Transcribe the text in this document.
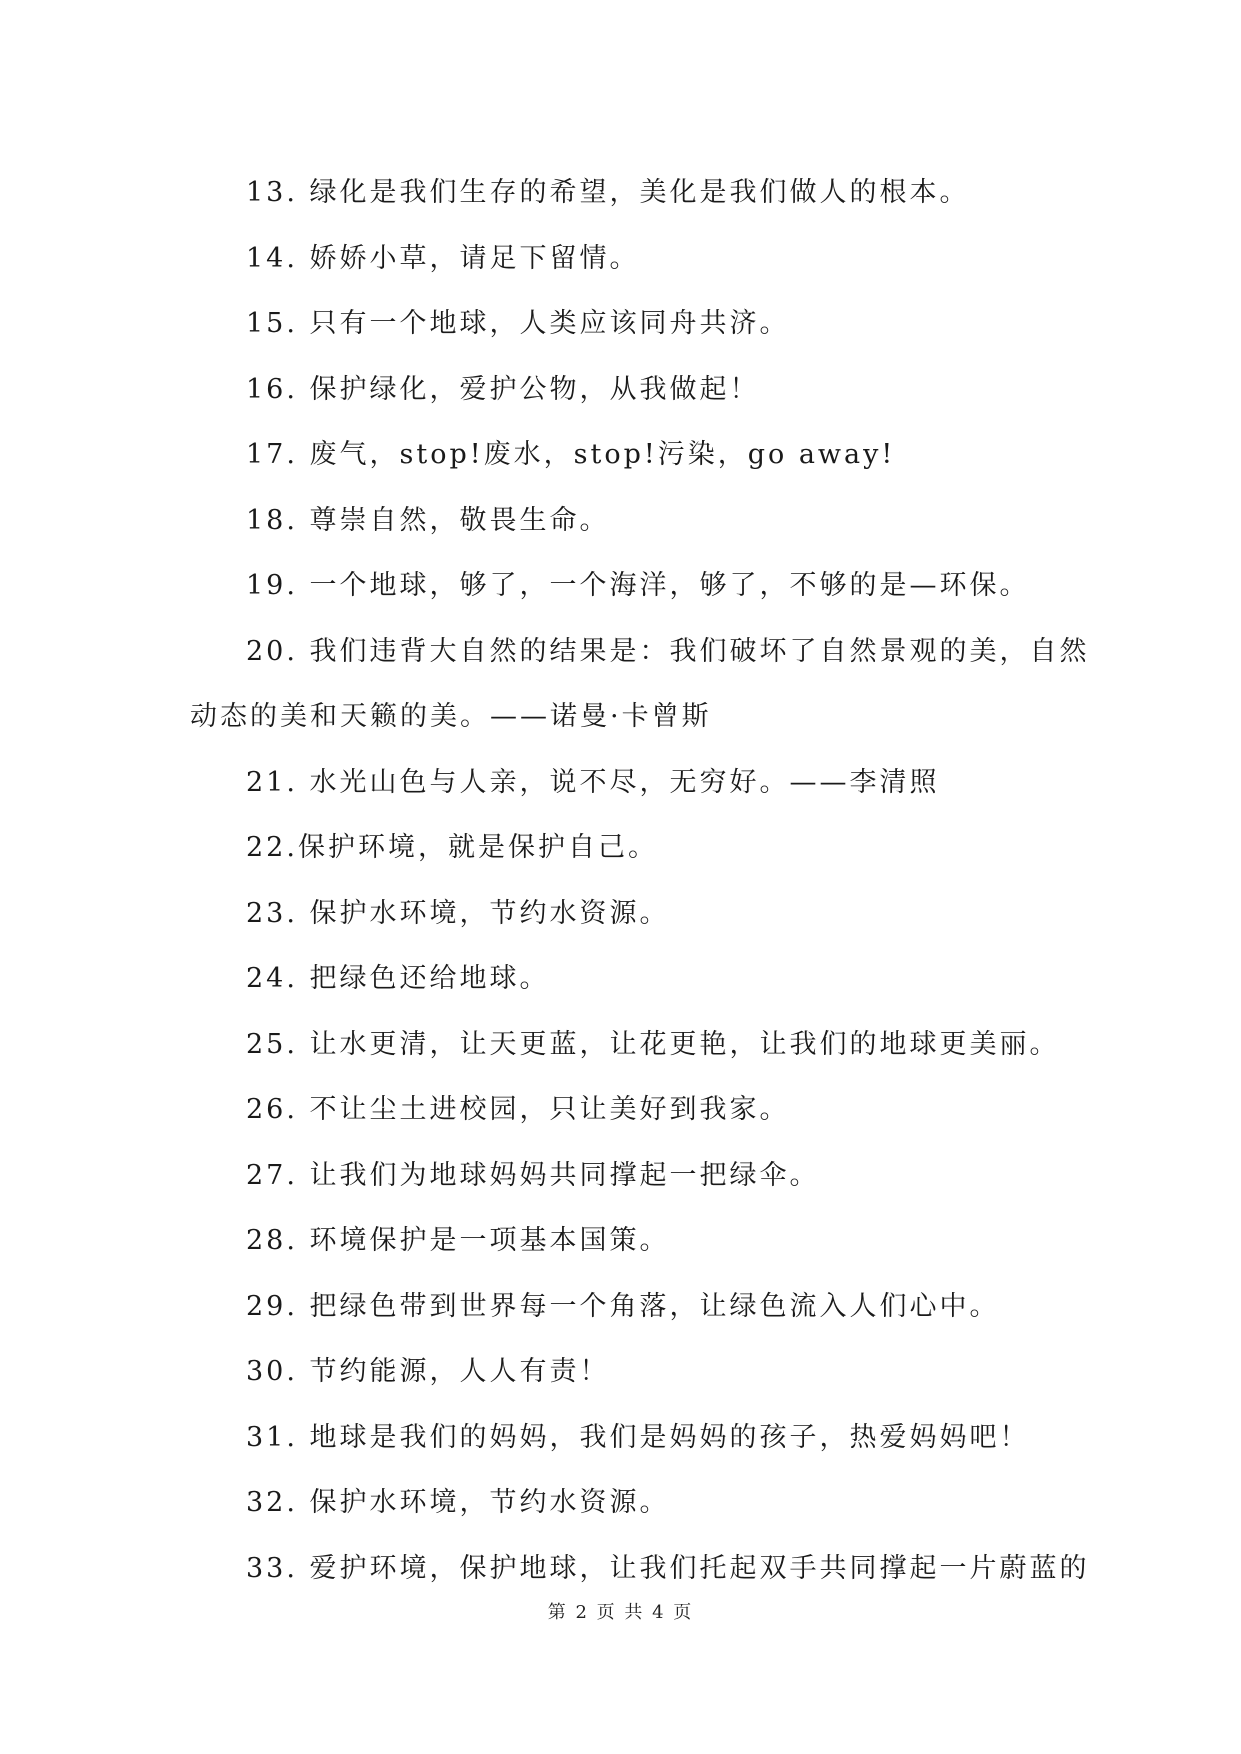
13. 绿化是我们生存的希望，美化是我们做人的根本。
14. 娇娇小草，请足下留情。
15. 只有一个地球，人类应该同舟共济。
16. 保护绿化，爱护公物，从我做起！
17. 废气，stop!废水，stop!污染，go away!
18. 尊崇自然，敬畏生命。
19. 一个地球，够了，一个海洋，够了，不够的是—环保。
20. 我们违背大自然的结果是：我们破坏了自然景观的美，自然
动态的美和天籁的美。——诺曼·卡曾斯
21. 水光山色与人亲，说不尽，无穷好。——李清照
22.保护环境，就是保护自己。
23. 保护水环境，节约水资源。
24. 把绿色还给地球。
25. 让水更清，让天更蓝，让花更艳，让我们的地球更美丽。
26. 不让尘土进校园，只让美好到我家。
27. 让我们为地球妈妈共同撑起一把绿伞。
28. 环境保护是一项基本国策。
29. 把绿色带到世界每一个角落，让绿色流入人们心中。
30. 节约能源，人人有责！
31. 地球是我们的妈妈，我们是妈妈的孩子，热爱妈妈吧！
32. 保护水环境，节约水资源。
33. 爱护环境，保护地球，让我们托起双手共同撑起一片蔚蓝的
第 2 页 共 4 页
